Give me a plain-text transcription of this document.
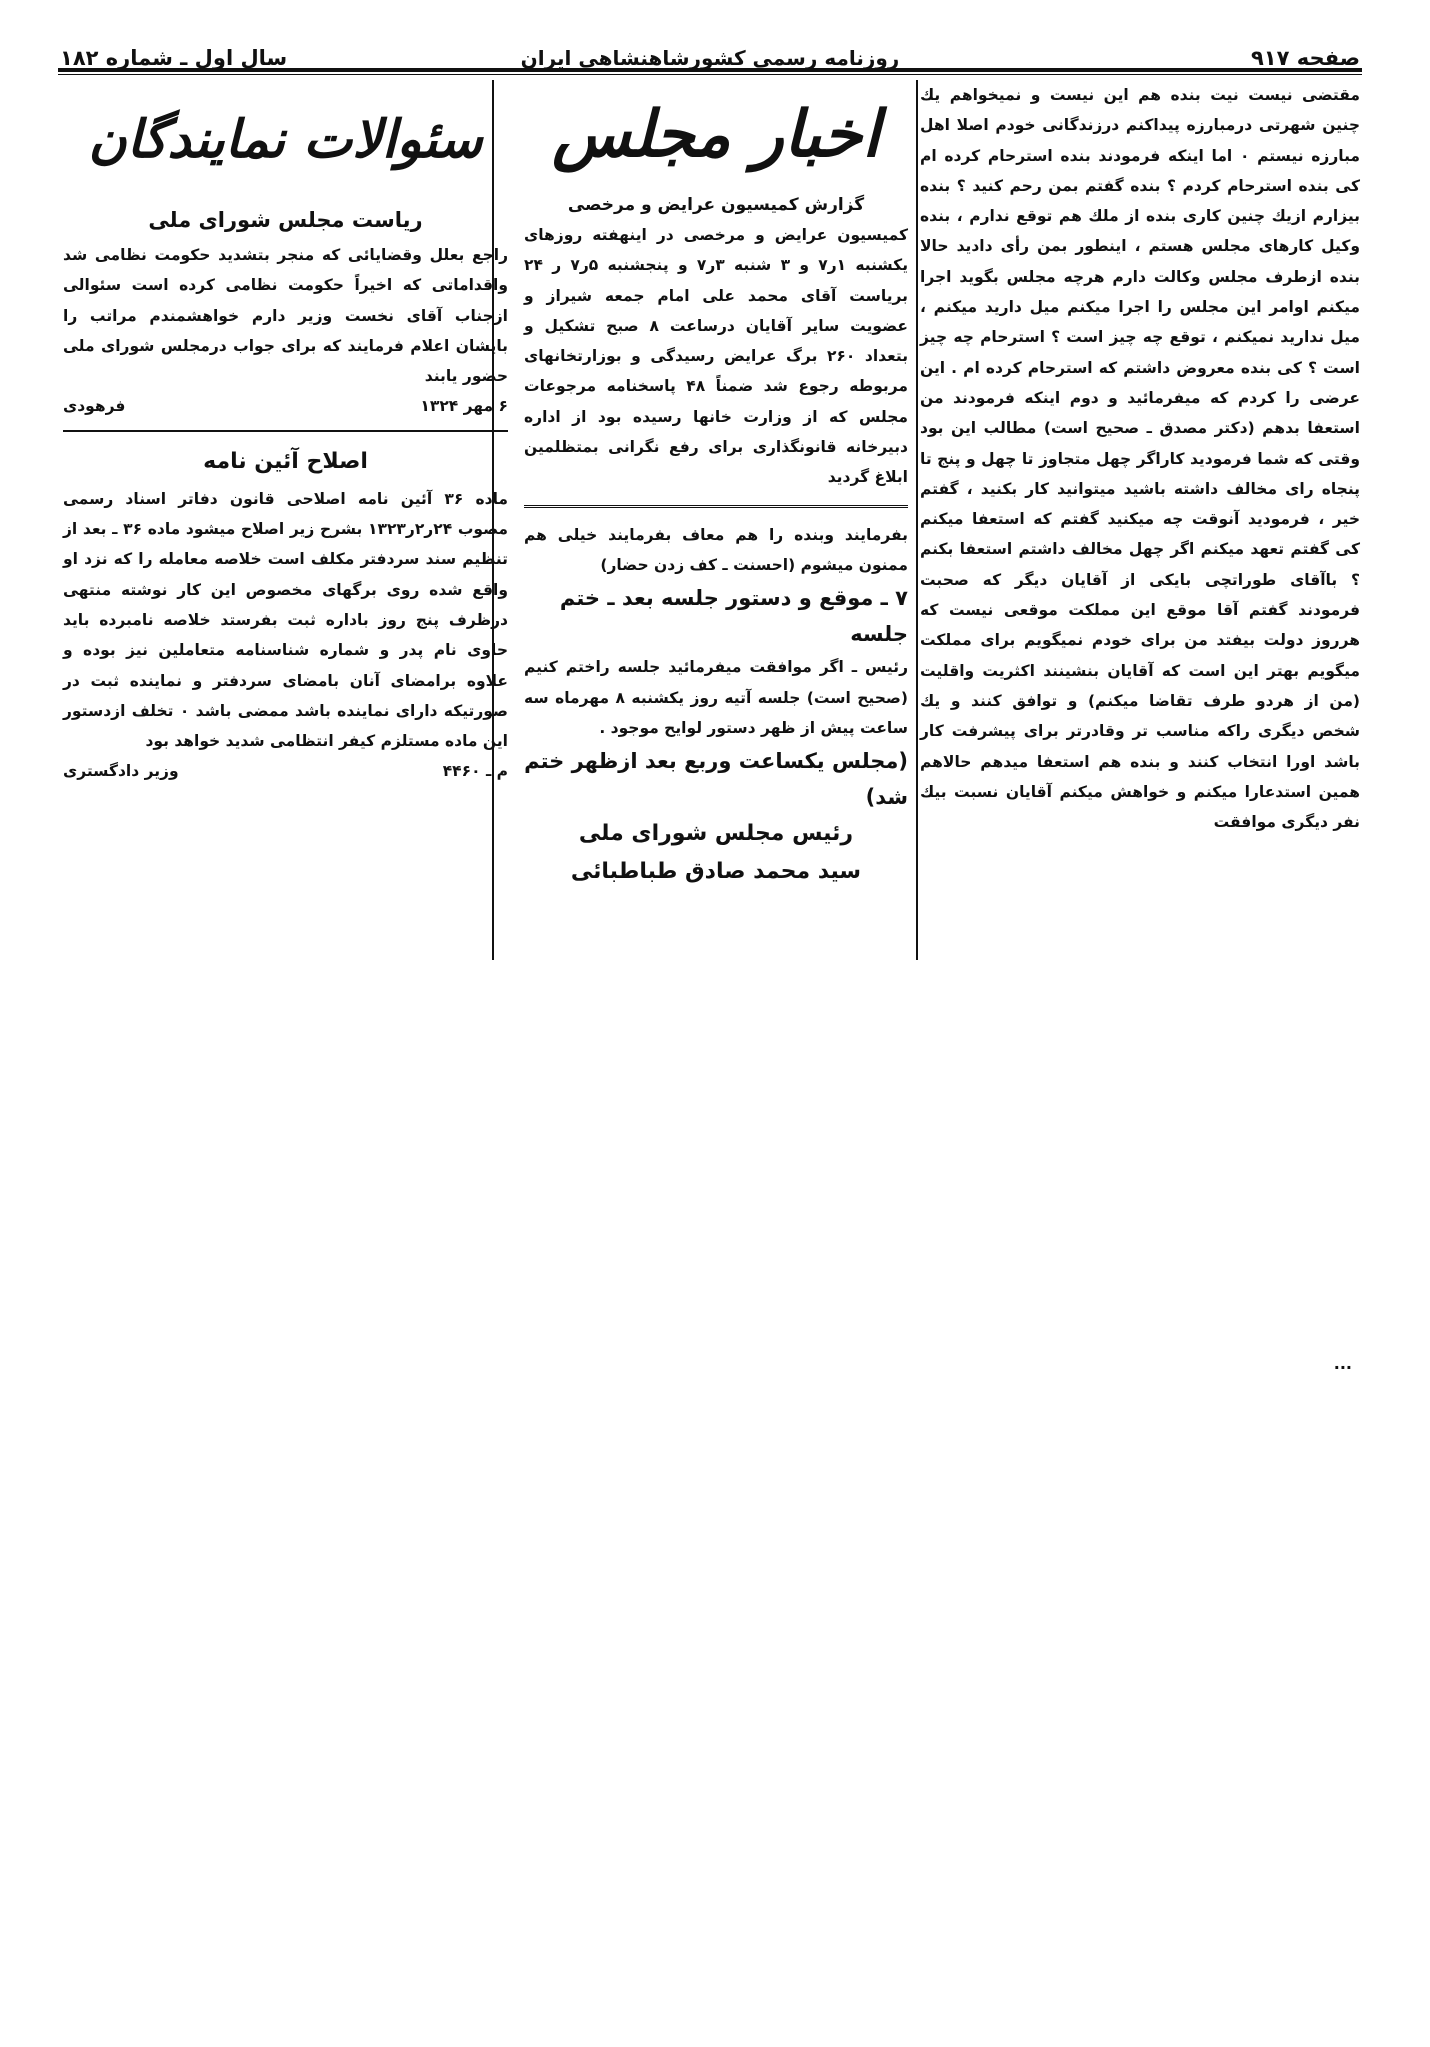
صفحه ۹۱۷
روزنامه رسمی کشورشاهنشاهی ایران
سال اول ـ شماره ۱۸۲

مقتضی نیست نیت بنده هم این نیست و نمیخواهم یك چنین شهرتی درمبارزه پیداکنم درزندگانی خودم اصلا اهل مبارزه نیستم ۰ اما اینکه فرمودند بنده استرحام کرده ام کی بنده استرحام کردم ؟ بنده گفتم بمن رحم کنید ؟ بنده بیزارم ازیك چنین کاری بنده از ملك هم توقع ندارم ، بنده وکیل کارهای مجلس هستم ، اینطور بمن رأی دادید حالا بنده ازطرف مجلس وکالت دارم هرچه مجلس بگوید اجرا میکنم اوامر این مجلس را اجرا میکنم میل دارید میکنم ، میل ندارید نمیکنم ، توقع چه چیز است ؟ استرحام چه چیز است ؟ کی بنده معروض داشتم که استرحام کرده ام . این عرضی را کردم که میفرمائید و دوم اینکه فرمودند من استعفا بدهم (دکتر مصدق ـ صحیح است) مطالب این بود وقتی که شما فرمودید کاراگر چهل متجاوز تا چهل و پنج تا پنجاه رای مخالف داشته باشید میتوانید کار بکنید ، گفتم خیر ، فرمودید آنوقت چه میکنید گفتم که استعفا میکنم کی گفتم تعهد میکنم اگر چهل مخالف داشتم استعفا بکنم ؟ باآقای طوراتچی بایکی از آقایان دیگر که صحبت فرمودند گفتم آقا موقع این مملکت موقعی نیست که هرروز دولت بیفتد من برای خودم نمیگویم برای مملکت میگویم بهتر این است که آقایان بنشینند اکثریت واقلیت (من از هردو طرف تقاضا میکنم) و توافق کنند و یك شخص دیگری راکه مناسب تر وقادرتر برای پیشرفت کار باشد اورا انتخاب کنند و بنده هم استعفا میدهم حالاهم همین استدعارا میکنم و خواهش میکنم آقایان نسبت بیك نفر دیگری موافقت

اخبار مجلس
گزارش کمیسیون عرایض و مرخصی

کمیسیون عرایض و مرخصی در اینهفته روزهای یکشنبه ۱ر۷ و ۳ شنبه ۳ر۷ و پنجشنبه ۵ر۷ ر ۲۴ بریاست آقای محمد علی امام جمعه شیراز و عضویت سایر آقایان درساعت ۸ صبح تشکیل و بتعداد ۲۶۰ برگ عرایض رسیدگی و بوزارتخانهای مربوطه رجوع شد ضمناً ۴۸ پاسخنامه مرجوعات مجلس که از وزارت خانها رسیده بود از اداره دبیرخانه قانونگذاری برای رفع نگرانی بمتظلمین ابلاغ گردید

بفرمایند وبنده را هم معاف بفرمایند خیلی هم ممنون میشوم (احسنت ـ کف زدن حضار)

۷ ـ موقع و دستور جلسه بعد ـ ختم جلسه

رئیس ـ اگر موافقت میفرمائید جلسه راختم کنیم (صحیح است) جلسه آتیه روز یکشنبه ۸ مهرماه سه ساعت پیش از ظهر دستور لوایح موجود .

(مجلس یکساعت وربع بعد ازظهر ختم شد)
رئیس مجلس شورای ملی
سید محمد صادق طباطبائی
سئوالات نمایندگان
ریاست مجلس شورای ملی

راجع بعلل وقضایائی که منجر بتشدید حکومت نظامی شد واقداماتی که اخیراً حکومت نظامی کرده است سئوالی ازجناب آقای نخست وزیر دارم خواهشمندم مراتب را بایشان اعلام فرمایند که برای جواب درمجلس شورای ملی حضور یابند

۶ مهر ۱۳۲۴
فرهودی
اصلاح آئین نامه

ماده ۳۶ آئین نامه اصلاحی قانون دفاتر اسناد رسمی مصوب ۲۴ر۲ر۱۳۲۳ بشرح زیر اصلاح میشود ماده ۳۶ ـ بعد از تنظیم سند سردفتر مکلف است خلاصه معامله را که نزد او واقع شده روی برگهای مخصوص این کار نوشته منتهی درظرف پنج روز باداره ثبت بفرستد خلاصه نامبرده باید حاوی نام پدر و شماره شناسنامه متعاملین نیز بوده و علاوه برامضای آنان بامضای سردفتر و نماینده ثبت در صورتیکه دارای نماینده باشد ممضی باشد ۰ تخلف ازدستور این ماده مستلزم کیفر انتظامی شدید خواهد بود

م ـ ۴۴۶۰
وزیر دادگستری
...
